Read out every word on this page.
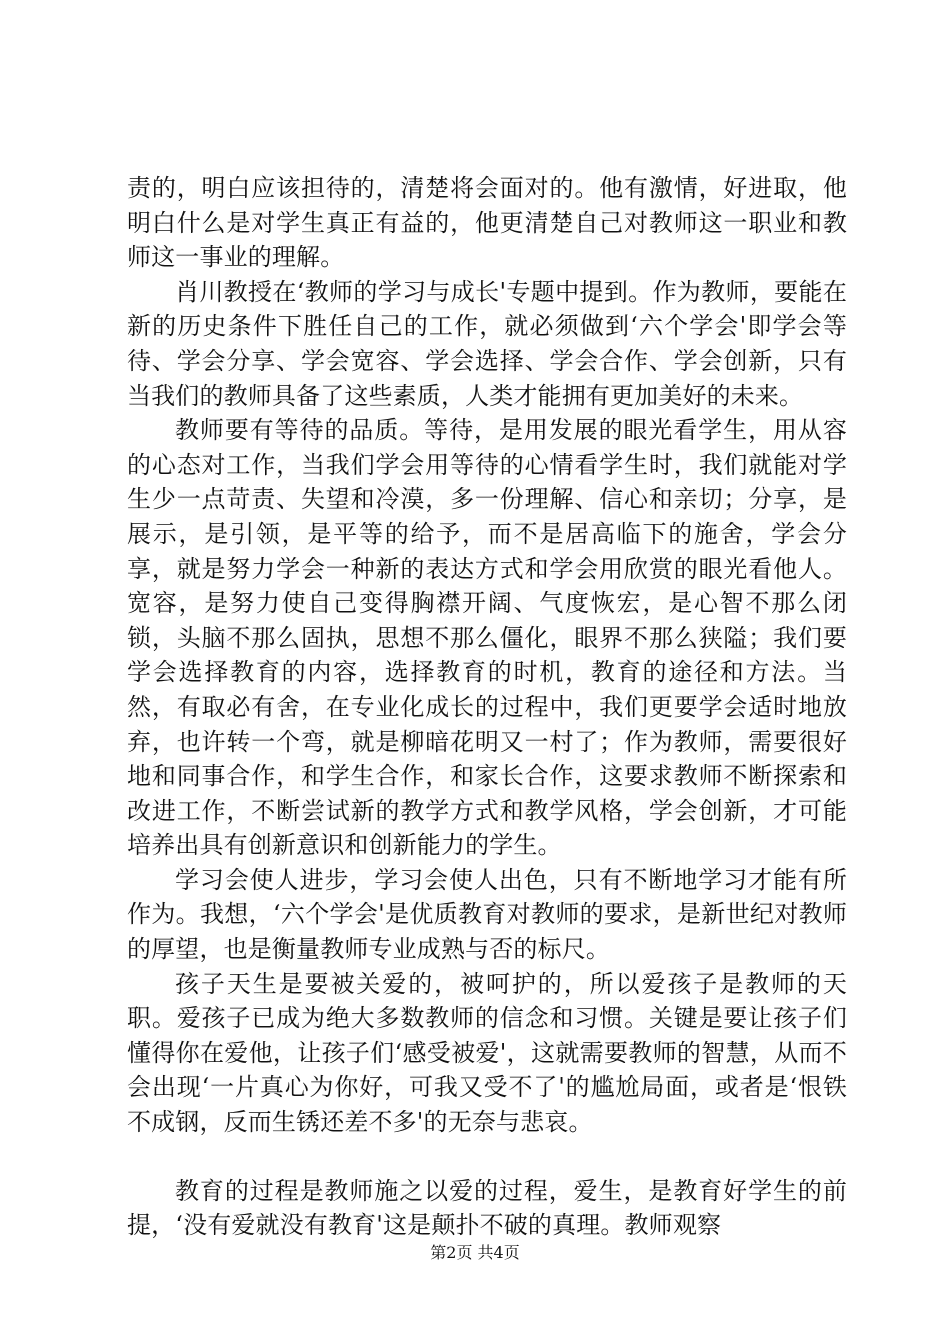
责的，明白应该担待的，清楚将会面对的。他有激情，好进取，他明白什么是对学生真正有益的，他更清楚自己对教师这一职业和教师这一事业的理解。

肖川教授在‘教师的学习与成长'专题中提到。作为教师，要能在新的历史条件下胜任自己的工作，就必须做到‘六个学会'即学会等待、学会分享、学会宽容、学会选择、学会合作、学会创新，只有当我们的教师具备了这些素质，人类才能拥有更加美好的未来。

教师要有等待的品质。等待，是用发展的眼光看学生，用从容的心态对工作，当我们学会用等待的心情看学生时，我们就能对学生少一点苛责、失望和冷漠，多一份理解、信心和亲切；分享，是展示，是引领，是平等的给予，而不是居高临下的施舍，学会分享，就是努力学会一种新的表达方式和学会用欣赏的眼光看他人。宽容，是努力使自己变得胸襟开阔、气度恢宏，是心智不那么闭锁，头脑不那么固执，思想不那么僵化，眼界不那么狭隘；我们要学会选择教育的内容，选择教育的时机，教育的途径和方法。当然，有取必有舍，在专业化成长的过程中，我们更要学会适时地放弃，也许转一个弯，就是柳暗花明又一村了；作为教师，需要很好地和同事合作，和学生合作，和家长合作，这要求教师不断探索和改进工作，不断尝试新的教学方式和教学风格，学会创新，才可能培养出具有创新意识和创新能力的学生。

学习会使人进步，学习会使人出色，只有不断地学习才能有所作为。我想，‘六个学会'是优质教育对教师的要求，是新世纪对教师的厚望，也是衡量教师专业成熟与否的标尺。

孩子天生是要被关爱的，被呵护的，所以爱孩子是教师的天职。爱孩子已成为绝大多数教师的信念和习惯。关键是要让孩子们懂得你在爱他，让孩子们‘感受被爱'，这就需要教师的智慧，从而不会出现‘一片真心为你好，可我又受不了'的尴尬局面，或者是‘恨铁不成钢，反而生锈还差不多'的无奈与悲哀。

教育的过程是教师施之以爱的过程，爱生，是教育好学生的前提，‘没有爱就没有教育'这是颠扑不破的真理。教师观察

第2页 共4页
